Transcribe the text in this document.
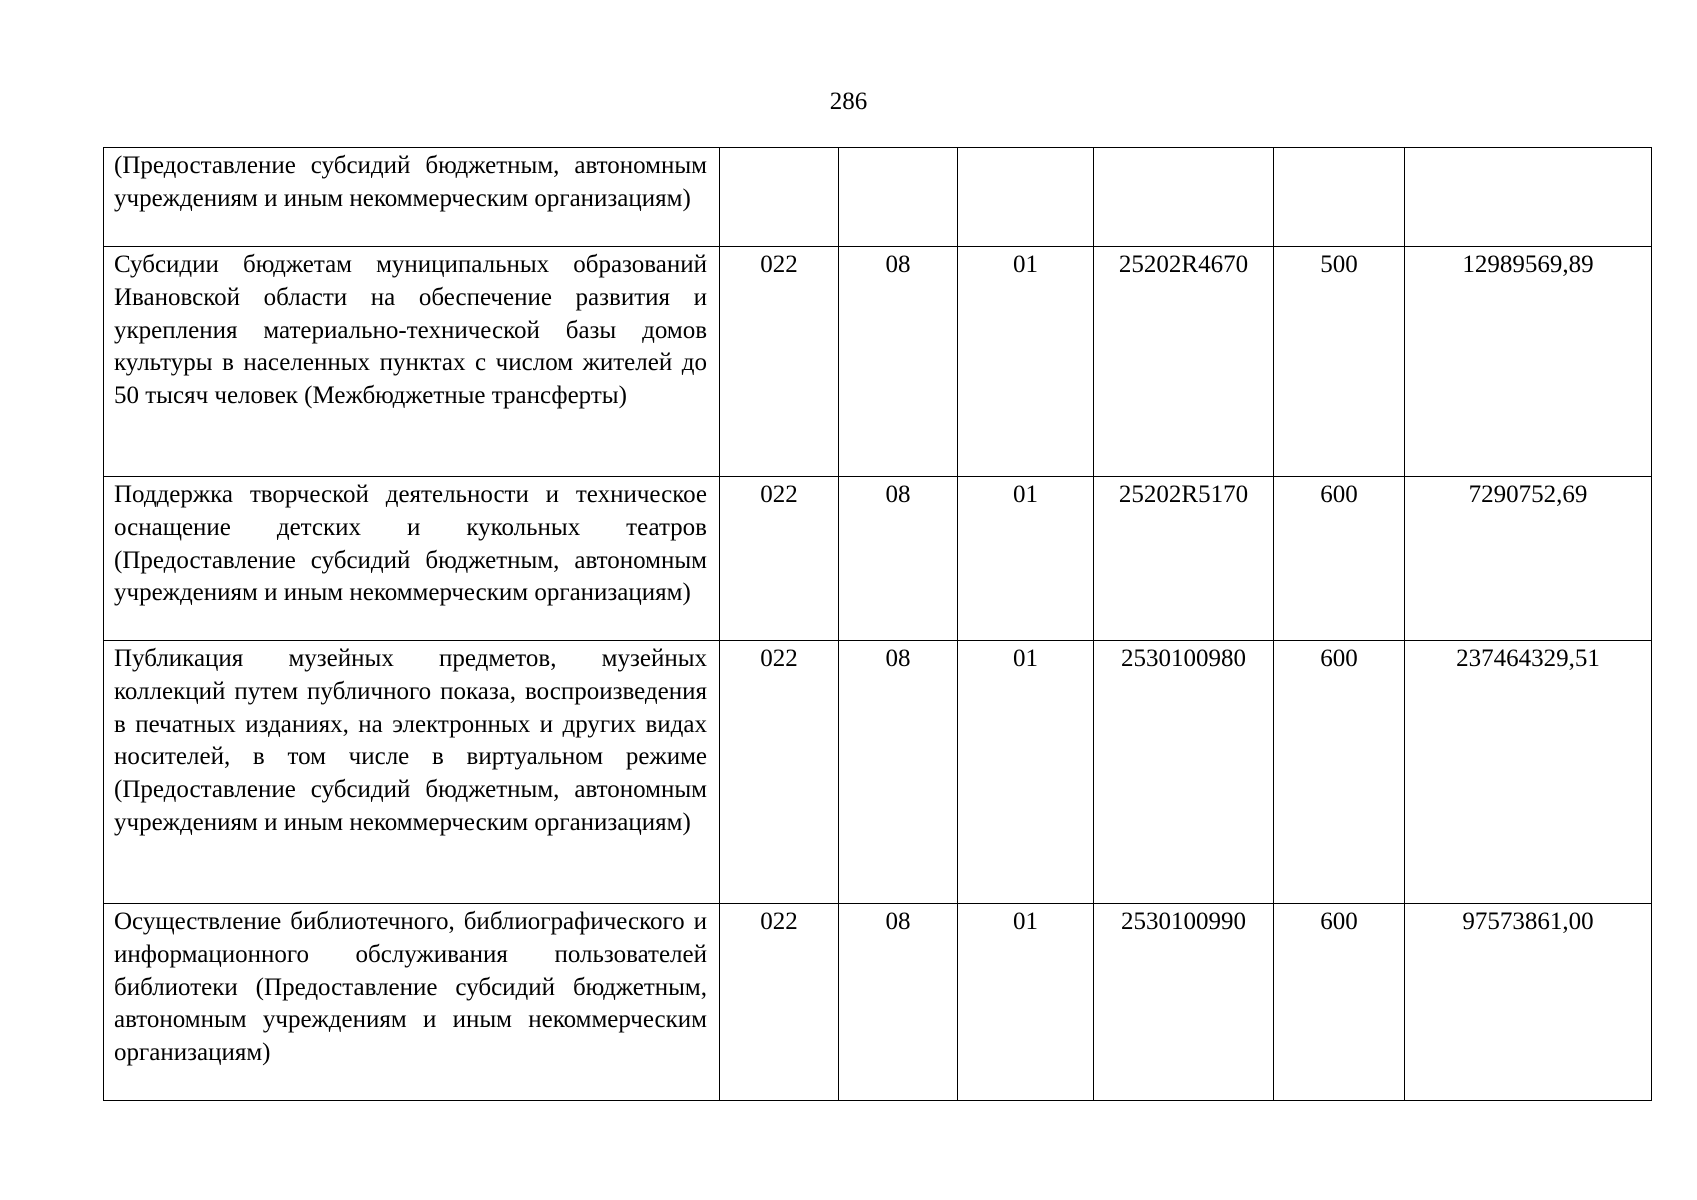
286
(Предоставление субсидий бюджетным, автономным учреждениям и иным некоммерческим организациям)						
Субсидии бюджетам муниципальных образований Ивановской области на обеспечение развития и укрепления материально-технической базы домов культуры в населенных пунктах с числом жителей до 50 тысяч человек (Межбюджетные трансферты)	022	08	01	25202R4670	500	12989569,89
Поддержка творческой деятельности и техническое оснащение детских и кукольных театров (Предоставление субсидий бюджетным, автономным учреждениям и иным некоммерческим организациям)	022	08	01	25202R5170	600	7290752,69
Публикация музейных предметов, музейных коллекций путем публичного показа, воспроизведения в печатных изданиях, на электронных и других видах носителей, в том числе в виртуальном режиме (Предоставление субсидий бюджетным, автономным учреждениям и иным некоммерческим организациям)	022	08	01	2530100980	600	237464329,51
Осуществление библиотечного, библиографического и информационного обслуживания пользователей библиотеки (Предоставление субсидий бюджетным, автономным учреждениям и иным некоммерческим организациям)	022	08	01	2530100990	600	97573861,00
